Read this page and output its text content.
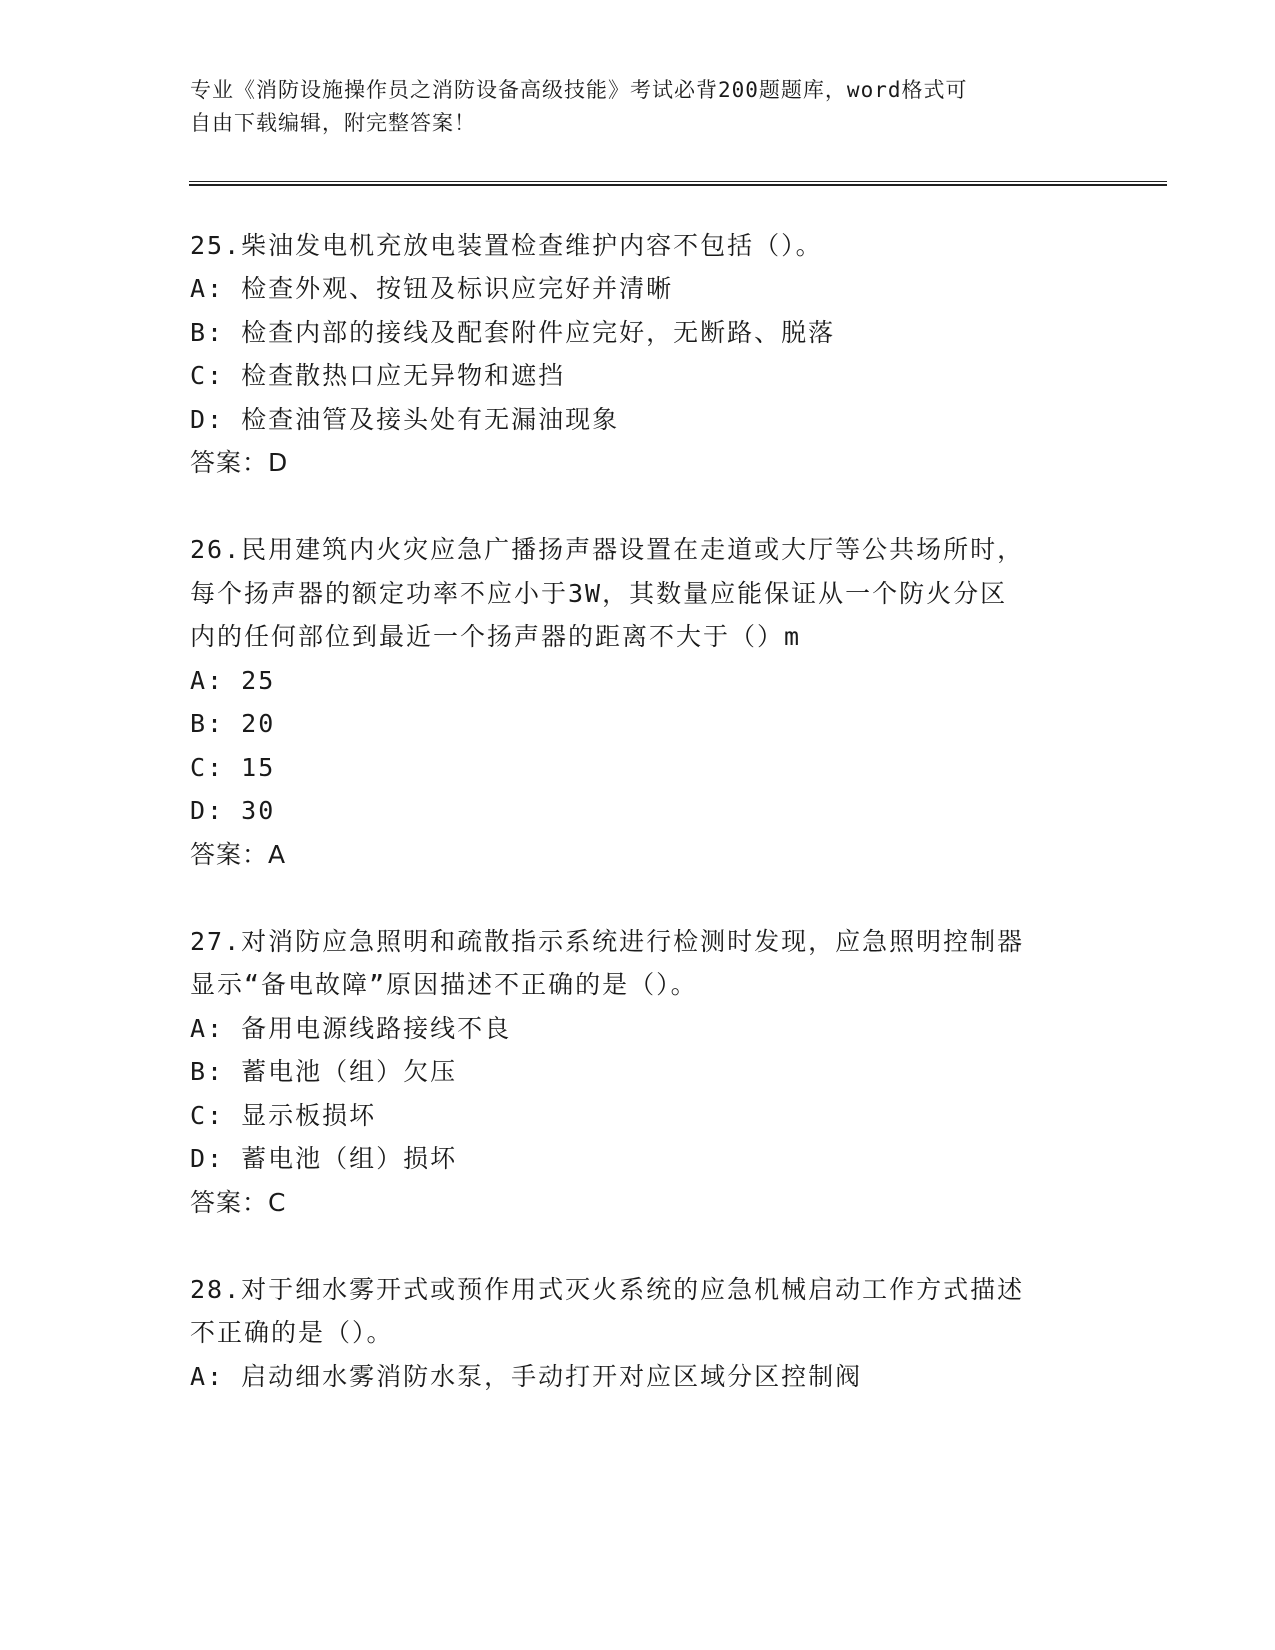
专业《消防设施操作员之消防设备高级技能》考试必背200题题库，word格式可
自由下载编辑，附完整答案！
25.柴油发电机充放电装置检查维护内容不包括（）。
A: 检查外观、按钮及标识应完好并清晰
B: 检查内部的接线及配套附件应完好，无断路、脱落
C: 检查散热口应无异物和遮挡
D: 检查油管及接头处有无漏油现象
答案：D
26.民用建筑内火灾应急广播扬声器设置在走道或大厅等公共场所时，
每个扬声器的额定功率不应小于3W，其数量应能保证从一个防火分区
内的任何部位到最近一个扬声器的距离不大于（）m
A: 25
B: 20
C: 15
D: 30
答案：A
27.对消防应急照明和疏散指示系统进行检测时发现，应急照明控制器
显示“备电故障”原因描述不正确的是（）。
A: 备用电源线路接线不良
B: 蓄电池（组）欠压
C: 显示板损坏
D: 蓄电池（组）损坏
答案：C
28.对于细水雾开式或预作用式灭火系统的应急机械启动工作方式描述
不正确的是（）。
A: 启动细水雾消防水泵，手动打开对应区域分区控制阀
